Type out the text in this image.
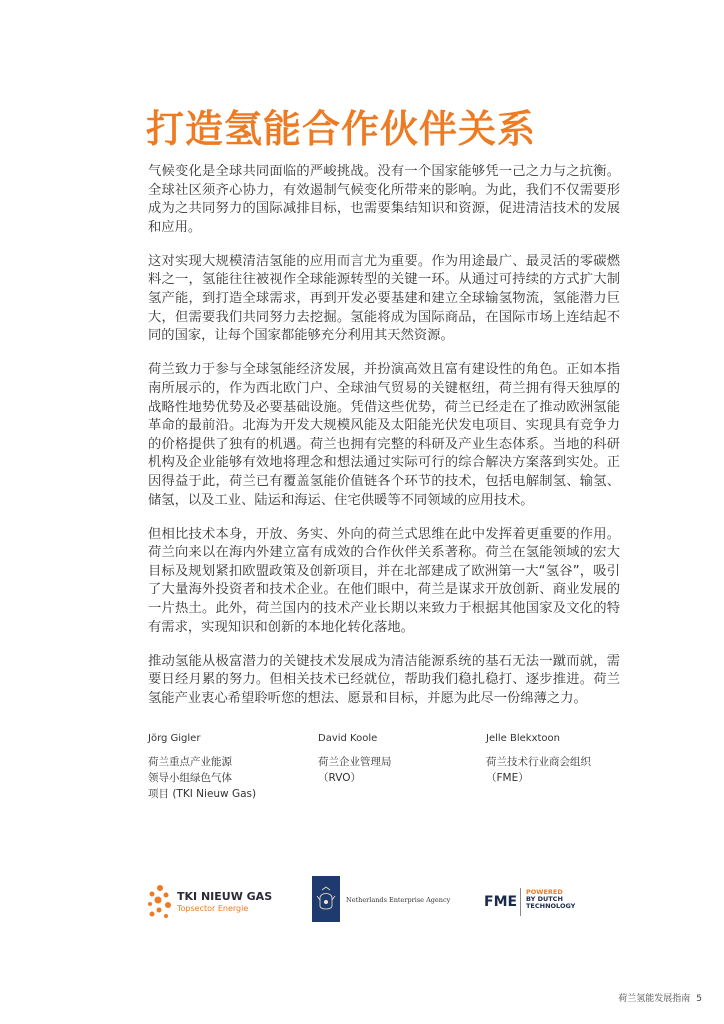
打造氢能合作伙伴关系

气候变化是全球共同面临的严峻挑战。没有一个国家能够凭一己之力与之抗衡。全球社区须齐心协力，有效遏制气候变化所带来的影响。为此，我们不仅需要形成为之共同努力的国际减排目标，也需要集结知识和资源，促进清洁技术的发展和应用。

这对实现大规模清洁氢能的应用而言尤为重要。作为用途最广、最灵活的零碳燃料之一，氢能往往被视作全球能源转型的关键一环。从通过可持续的方式扩大制氢产能，到打造全球需求，再到开发必要基建和建立全球输氢物流，氢能潜力巨大，但需要我们共同努力去挖掘。氢能将成为国际商品，在国际市场上连结起不同的国家，让每个国家都能够充分利用其天然资源。

荷兰致力于参与全球氢能经济发展，并扮演高效且富有建设性的角色。正如本指南所展示的，作为西北欧门户、全球油气贸易的关键枢纽，荷兰拥有得天独厚的战略性地势优势及必要基础设施。凭借这些优势，荷兰已经走在了推动欧洲氢能革命的最前沿。北海为开发大规模风能及太阳能光伏发电项目、实现具有竞争力的价格提供了独有的机遇。荷兰也拥有完整的科研及产业生态体系。当地的科研机构及企业能够有效地将理念和想法通过实际可行的综合解决方案落到实处。正因得益于此，荷兰已有覆盖氢能价值链各个环节的技术，包括电解制氢、输氢、储氢，以及工业、陆运和海运、住宅供暖等不同领域的应用技术。

但相比技术本身，开放、务实、外向的荷兰式思维在此中发挥着更重要的作用。荷兰向来以在海内外建立富有成效的合作伙伴关系著称。荷兰在氢能领域的宏大目标及规划紧扣欧盟政策及创新项目，并在北部建成了欧洲第一大“氢谷”，吸引了大量海外投资者和技术企业。在他们眼中，荷兰是谋求开放创新、商业发展的一片热土。此外，荷兰国内的技术产业长期以来致力于根据其他国家及文化的特有需求，实现知识和创新的本地化转化落地。

推动氢能从极富潜力的关键技术发展成为清洁能源系统的基石无法一蹴而就，需要日经月累的努力。但相关技术已经就位，帮助我们稳扎稳打、逐步推进。荷兰氢能产业衷心希望聆听您的想法、愿景和目标，并愿为此尽一份绵薄之力。

Jörg Gigler
荷兰重点产业能源
领导小组绿色气体
项目 (TKI Nieuw Gas)
David Koole
荷兰企业管理局
（RVO）
Jelle Blekxtoon
荷兰技术行业商会组织
（FME）
TKI NIEUW GAS
Topsector Energie
Netherlands Enterprise Agency FME
POWERED
BY DUTCH
TECHNOLOGY
荷兰氢能发展指南 5
